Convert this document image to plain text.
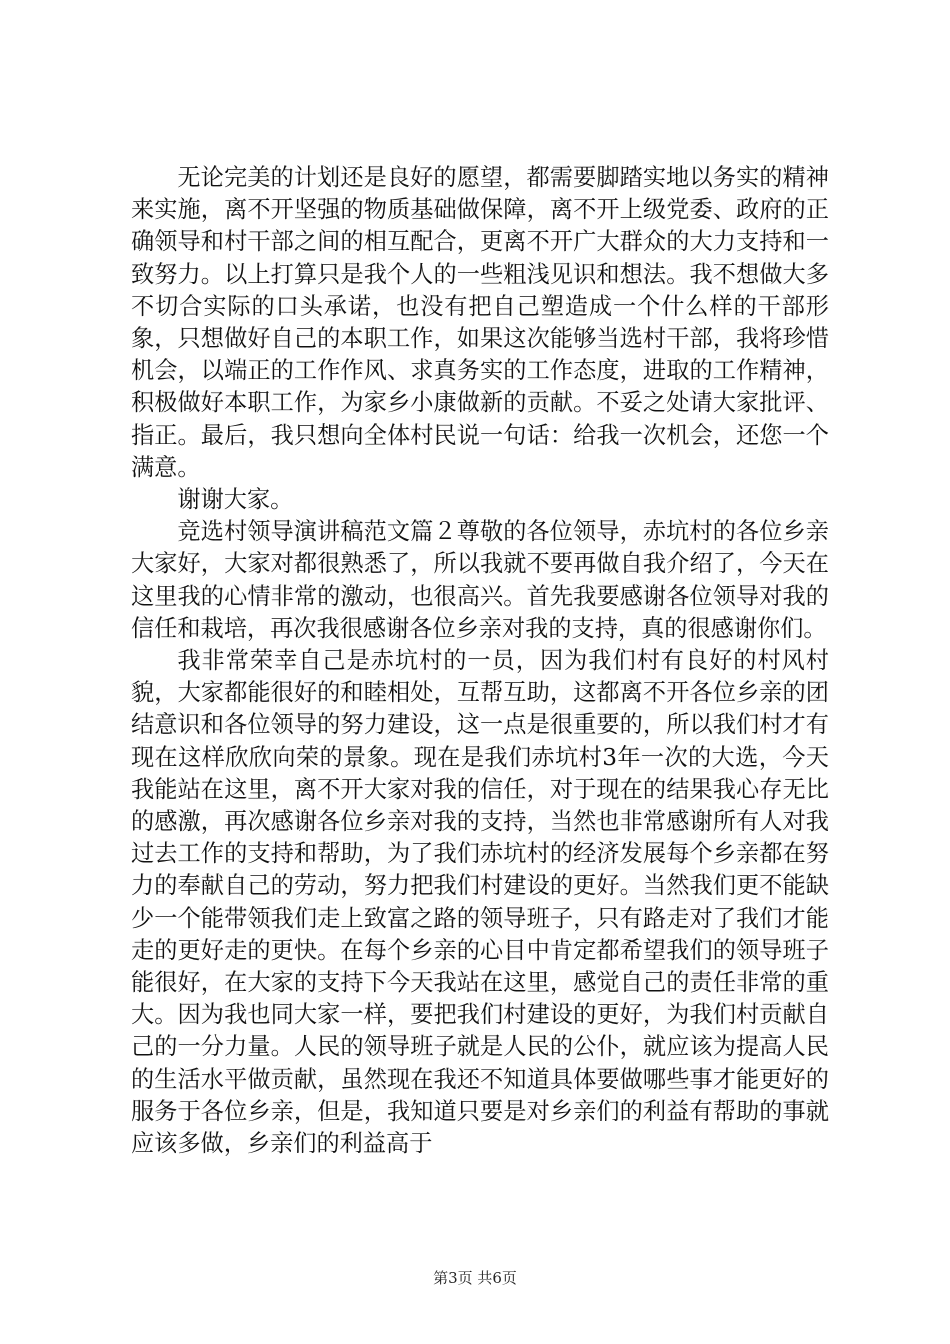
无论完美的计划还是良好的愿望，都需要脚踏实地以务实的精神来实施，离不开坚强的物质基础做保障，离不开上级党委、政府的正确领导和村干部之间的相互配合，更离不开广大群众的大力支持和一致努力。以上打算只是我个人的一些粗浅见识和想法。我不想做大多不切合实际的口头承诺，也没有把自己塑造成一个什么样的干部形象，只想做好自己的本职工作，如果这次能够当选村干部，我将珍惜机会，以端正的工作作风、求真务实的工作态度，进取的工作精神，积极做好本职工作，为家乡小康做新的贡献。不妥之处请大家批评、指正。最后，我只想向全体村民说一句话：给我一次机会，还您一个满意。

谢谢大家。

竞选村领导演讲稿范文篇２尊敬的各位领导，赤坑村的各位乡亲大家好，大家对都很熟悉了，所以我就不要再做自我介绍了，今天在这里我的心情非常的激动，也很高兴。首先我要感谢各位领导对我的信任和栽培，再次我很感谢各位乡亲对我的支持，真的很感谢你们。

我非常荣幸自己是赤坑村的一员，因为我们村有良好的村风村貌，大家都能很好的和睦相处，互帮互助，这都离不开各位乡亲的团结意识和各位领导的努力建设，这一点是很重要的，所以我们村才有现在这样欣欣向荣的景象。现在是我们赤坑村3年一次的大选，今天我能站在这里，离不开大家对我的信任，对于现在的结果我心存无比的感激，再次感谢各位乡亲对我的支持，当然也非常感谢所有人对我过去工作的支持和帮助，为了我们赤坑村的经济发展每个乡亲都在努力的奉献自己的劳动，努力把我们村建设的更好。当然我们更不能缺少一个能带领我们走上致富之路的领导班子，只有路走对了我们才能走的更好走的更快。在每个乡亲的心目中肯定都希望我们的领导班子能很好，在大家的支持下今天我站在这里，感觉自己的责任非常的重大。因为我也同大家一样，要把我们村建设的更好，为我们村贡献自己的一分力量。人民的领导班子就是人民的公仆，就应该为提高人民的生活水平做贡献，虽然现在我还不知道具体要做哪些事才能更好的服务于各位乡亲，但是，我知道只要是对乡亲们的利益有帮助的事就应该多做，乡亲们的利益高于

第3页 共6页
